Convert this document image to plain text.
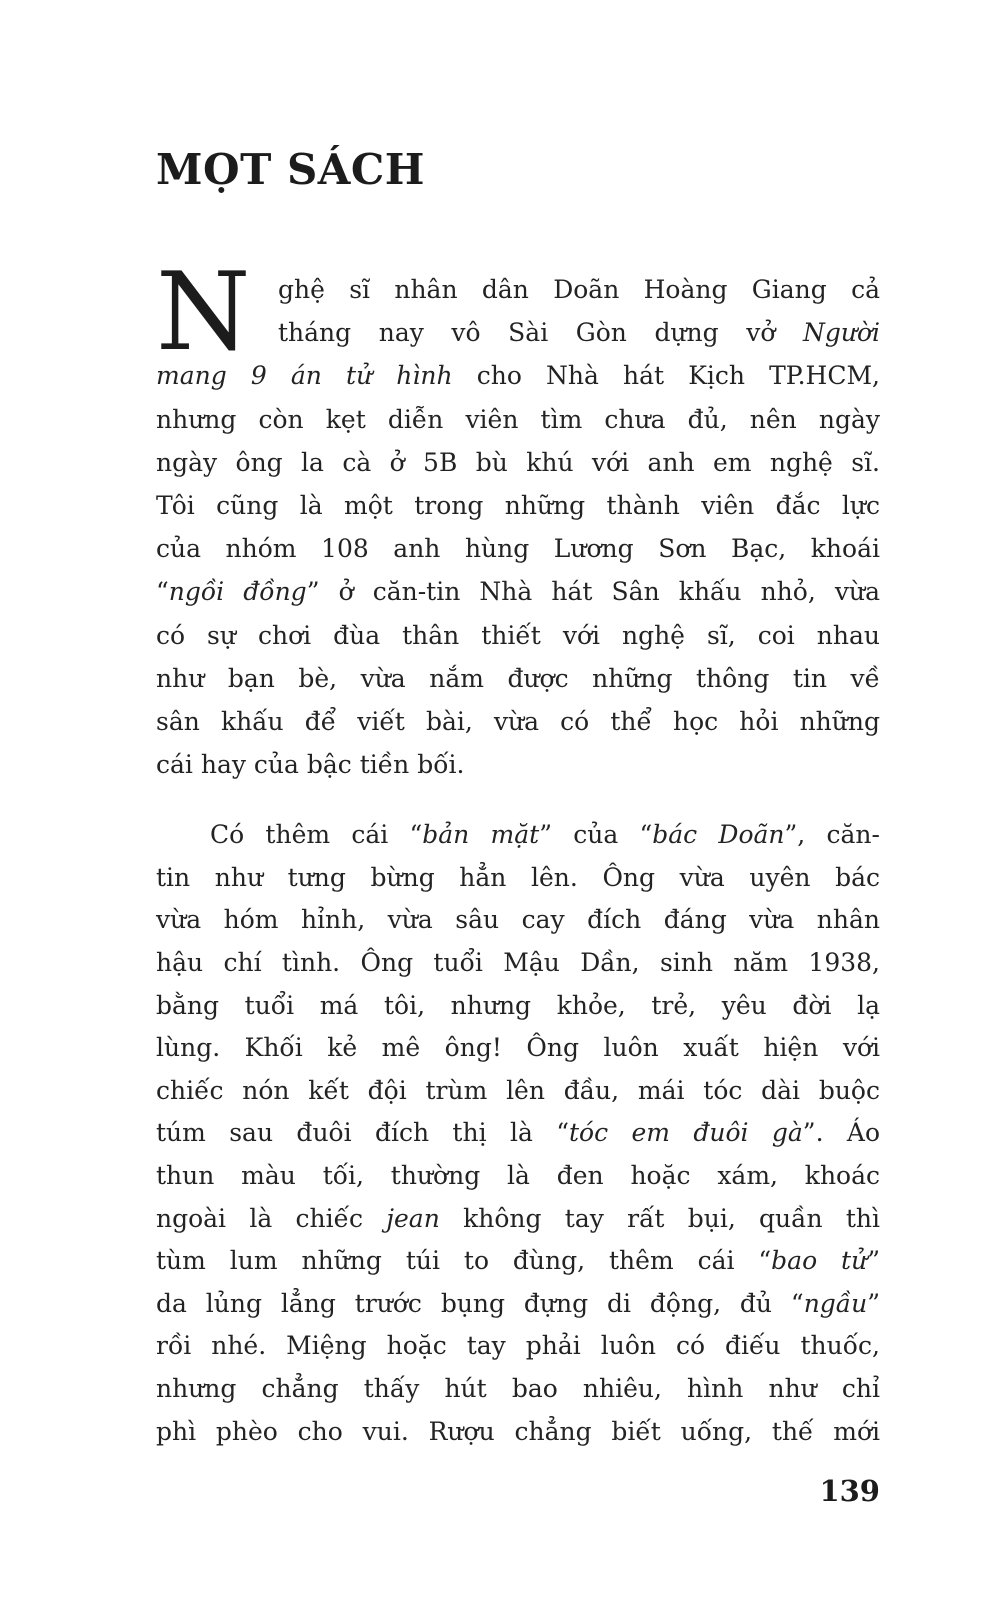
MỌT SÁCH
N	ghệ sĩ nhân dân Doãn Hoàng Giang cả
tháng nay vô Sài Gòn dựng vở Người
mang 9 án tử hình cho Nhà hát Kịch TP.HCM,
nhưng còn kẹt diễn viên tìm chưa đủ, nên ngày
ngày ông la cà ở 5B bù khú với anh em nghệ sĩ.
Tôi cũng là một trong những thành viên đắc lực
của nhóm 108 anh hùng Lương Sơn Bạc, khoái
“ngồi đồng” ở căn-tin Nhà hát Sân khấu nhỏ, vừa
có sự chơi đùa thân thiết với nghệ sĩ, coi nhau
như bạn bè, vừa nắm được những thông tin về
sân khấu để viết bài, vừa có thể học hỏi những
cái hay của bậc tiền bối.
Có thêm cái “bản mặt” của “bác Doãn”, căn-
tin như tưng bừng hẳn lên. Ông vừa uyên bác
vừa hóm hỉnh, vừa sâu cay đích đáng vừa nhân
hậu chí tình. Ông tuổi Mậu Dần, sinh năm 1938,
bằng tuổi má tôi, nhưng khỏe, trẻ, yêu đời lạ
lùng. Khối kẻ mê ông! Ông luôn xuất hiện với
chiếc nón kết đội trùm lên đầu, mái tóc dài buộc
túm sau đuôi đích thị là “tóc em đuôi gà”. Áo
thun màu tối, thường là đen hoặc xám, khoác
ngoài là chiếc jean không tay rất bụi, quần thì
tùm lum những túi to đùng, thêm cái “bao tử”
da lủng lẳng trước bụng đựng di động, đủ “ngầu”
rồi nhé. Miệng hoặc tay phải luôn có điếu thuốc,
nhưng chẳng thấy hút bao nhiêu, hình như chỉ
phì phèo cho vui. Rượu chẳng biết uống, thế mới
139
